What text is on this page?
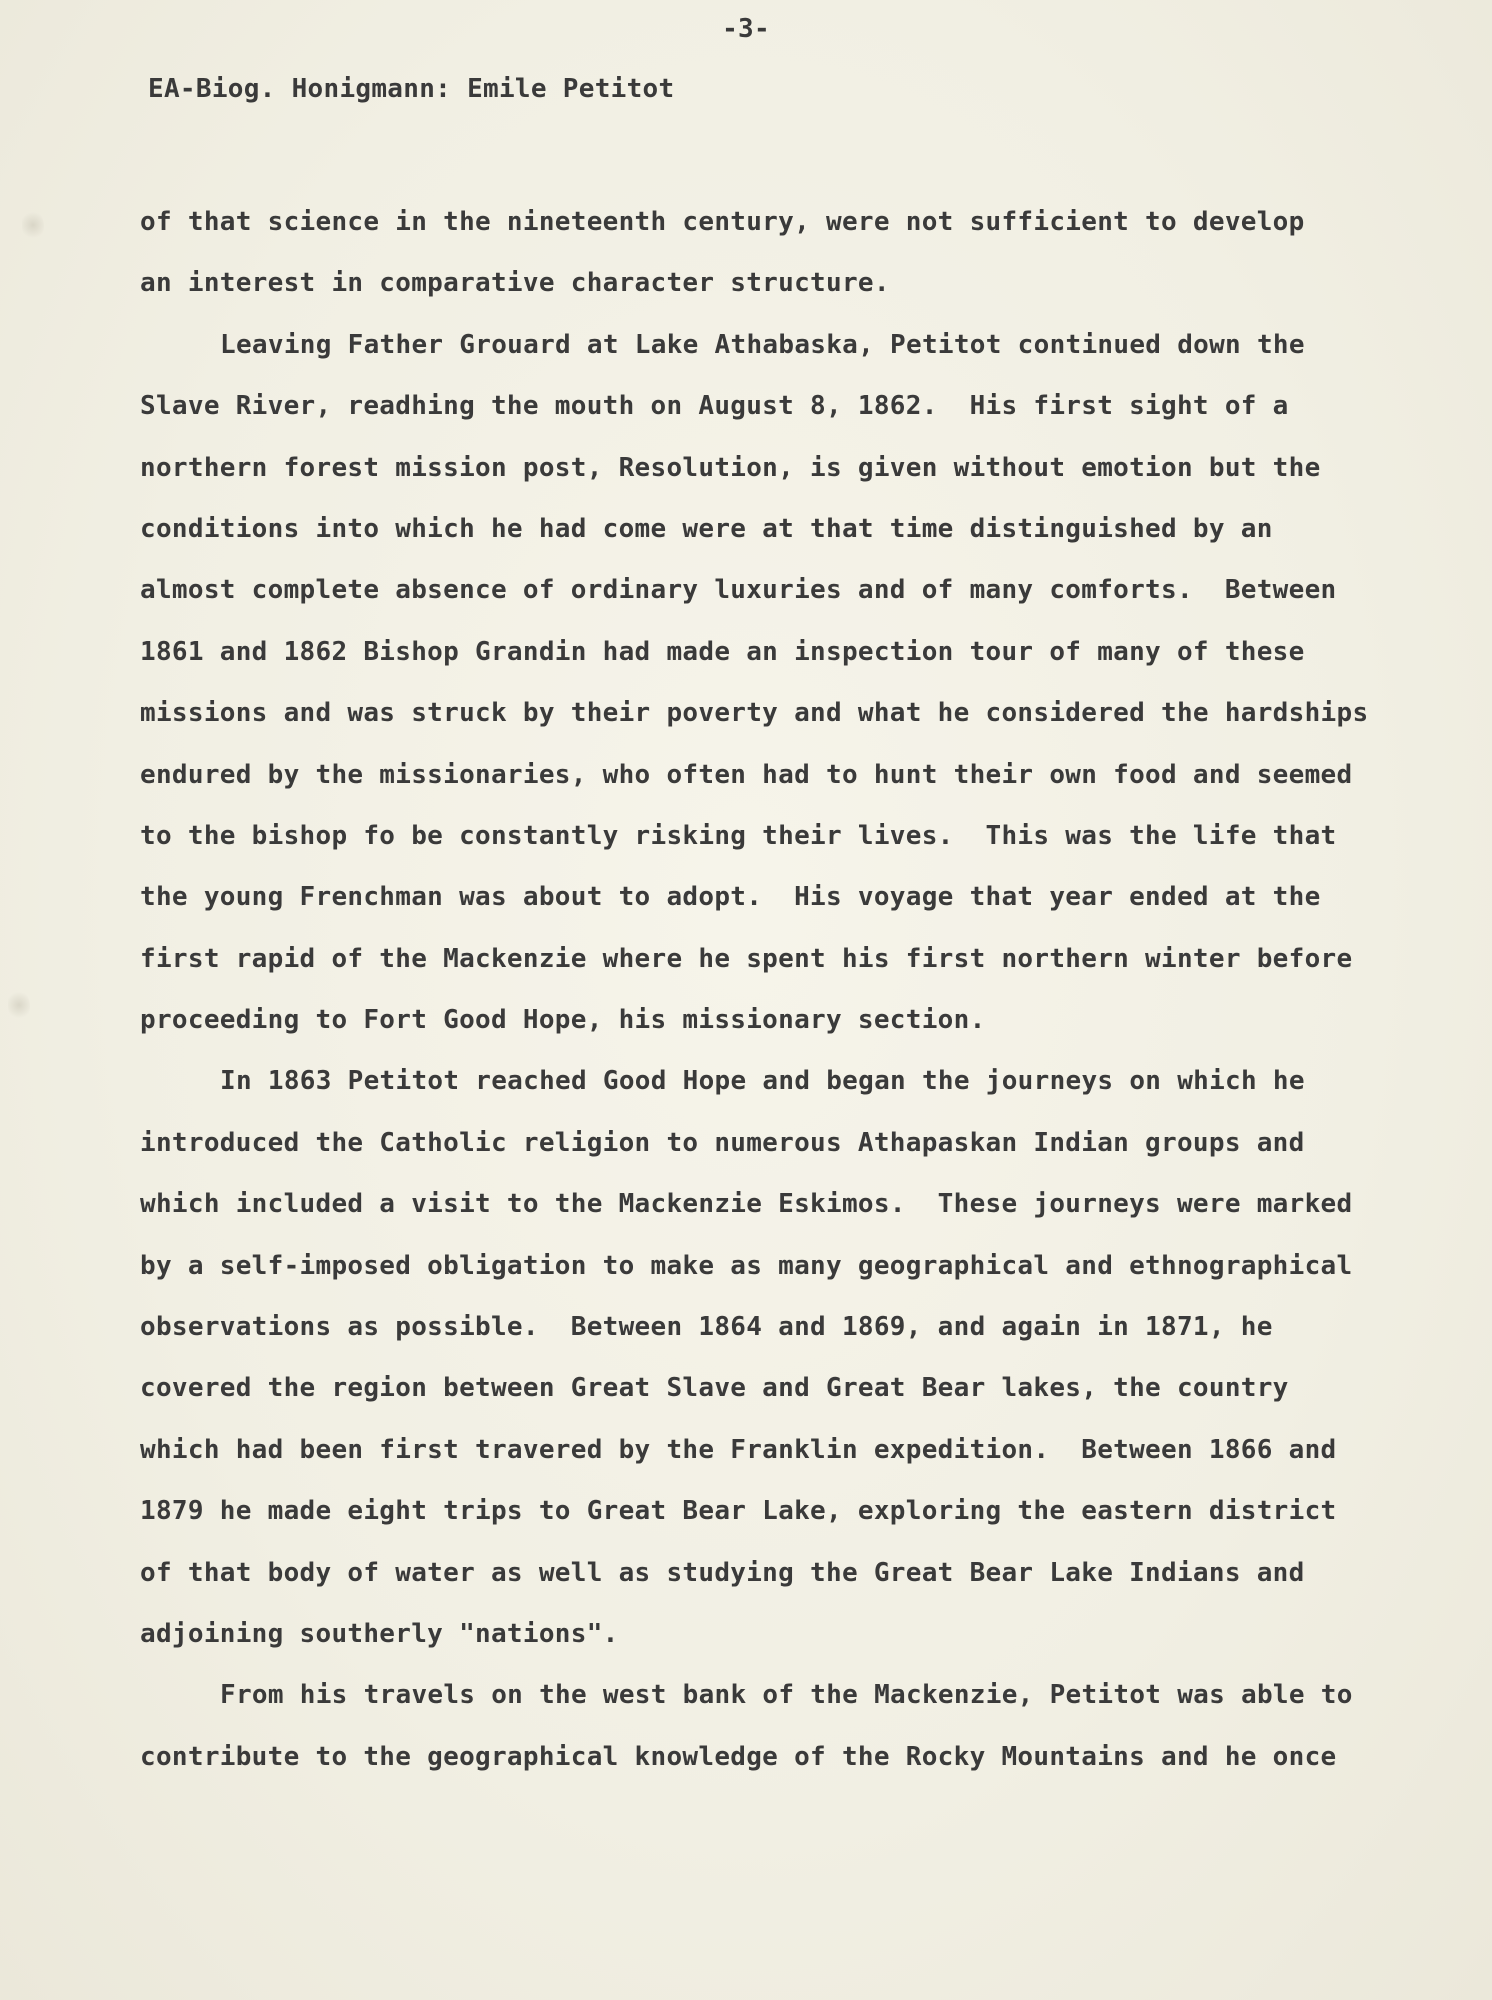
-3-
EA-Biog. Honigmann: Emile Petitot
of that science in the nineteenth century, were not sufficient to develop
an interest in comparative character structure.
Leaving Father Grouard at Lake Athabaska, Petitot continued down the
Slave River, readhing the mouth on August 8, 1862.  His first sight of a
northern forest mission post, Resolution, is given without emotion but the
conditions into which he had come were at that time distinguished by an
almost complete absence of ordinary luxuries and of many comforts.  Between
1861 and 1862 Bishop Grandin had made an inspection tour of many of these
missions and was struck by their poverty and what he considered the hardships
endured by the missionaries, who often had to hunt their own food and seemed
to the bishop fo be constantly risking their lives.  This was the life that
the young Frenchman was about to adopt.  His voyage that year ended at the
first rapid of the Mackenzie where he spent his first northern winter before
proceeding to Fort Good Hope, his missionary section.
In 1863 Petitot reached Good Hope and began the journeys on which he
introduced the Catholic religion to numerous Athapaskan Indian groups and
which included a visit to the Mackenzie Eskimos.  These journeys were marked
by a self-imposed obligation to make as many geographical and ethnographical
observations as possible.  Between 1864 and 1869, and again in 1871, he
covered the region between Great Slave and Great Bear lakes, the country
which had been first travered by the Franklin expedition.  Between 1866 and
1879 he made eight trips to Great Bear Lake, exploring the eastern district
of that body of water as well as studying the Great Bear Lake Indians and
adjoining southerly "nations".
From his travels on the west bank of the Mackenzie, Petitot was able to
contribute to the geographical knowledge of the Rocky Mountains and he once
